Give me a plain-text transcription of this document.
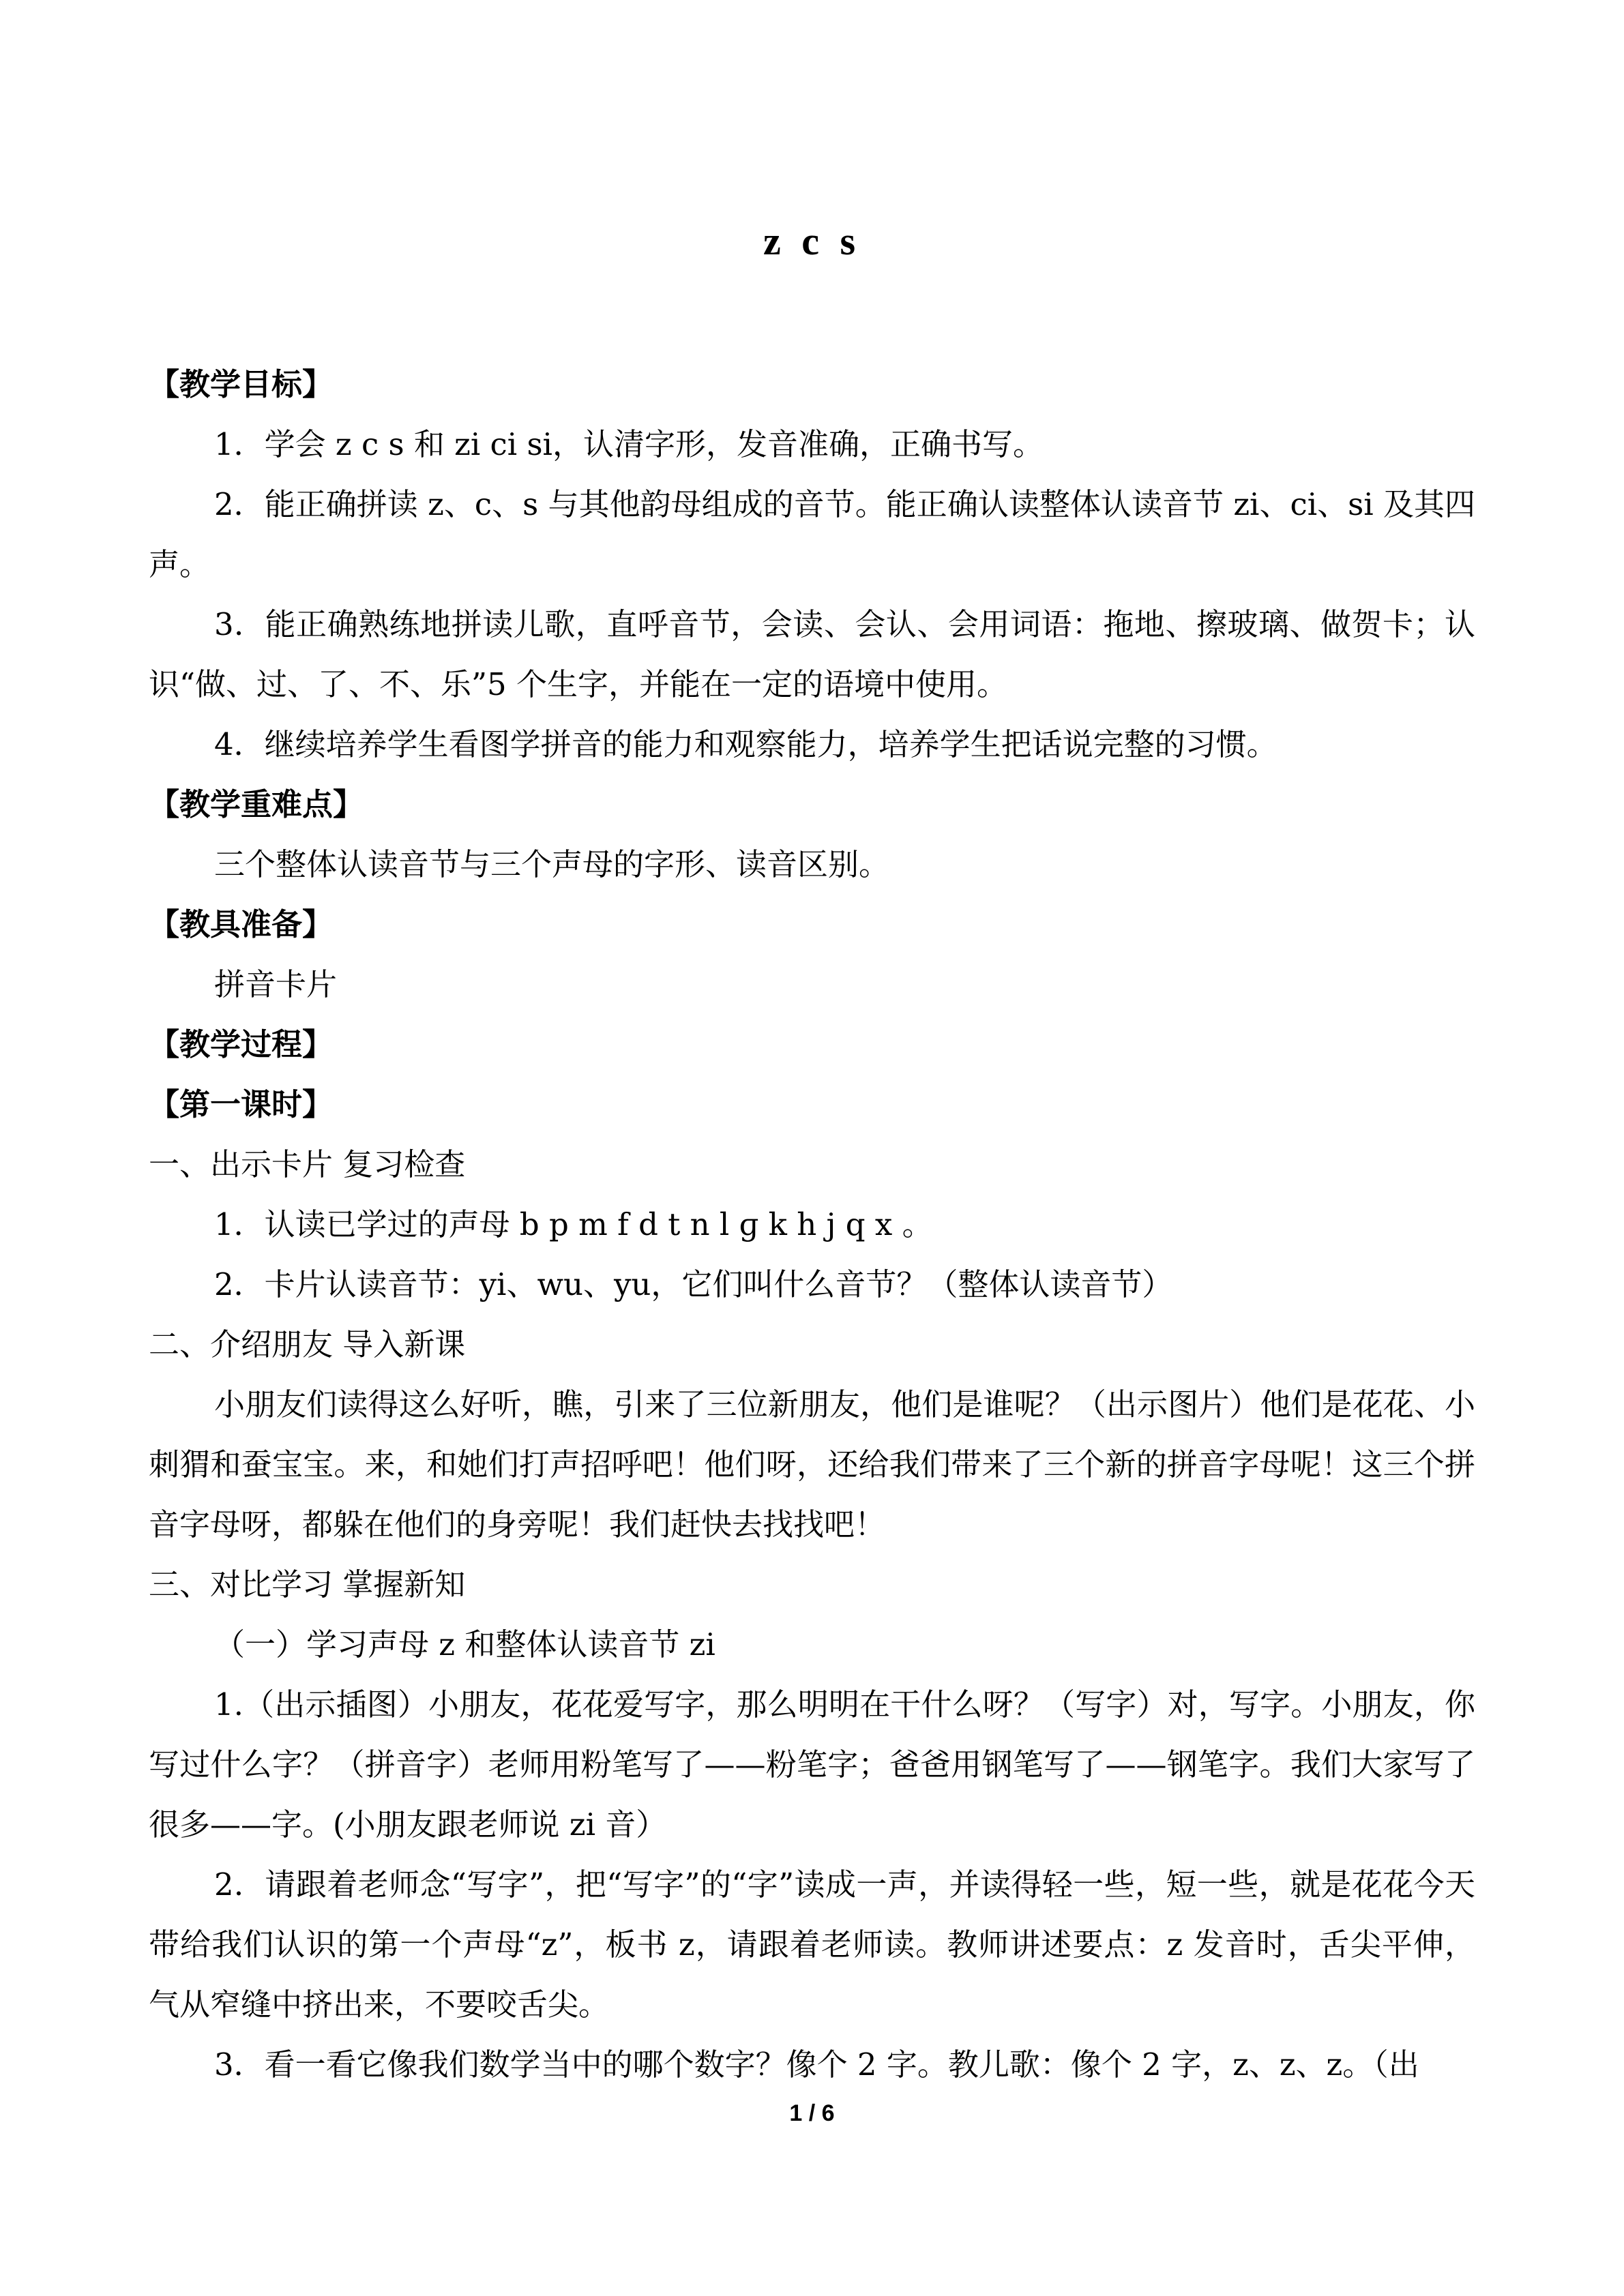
z c s

【教学目标】

1．学会 z c s 和 zi ci si，认清字形，发音准确，正确书写。

2．能正确拼读 z、c、s 与其他韵母组成的音节。能正确认读整体认读音节 zi、ci、si 及其四声。

3．能正确熟练地拼读儿歌，直呼音节，会读、会认、会用词语：拖地、擦玻璃、做贺卡；认识“做、过、了、不、乐”5 个生字，并能在一定的语境中使用。

4．继续培养学生看图学拼音的能力和观察能力，培养学生把话说完整的习惯。

【教学重难点】

三个整体认读音节与三个声母的字形、读音区别。

【教具准备】

拼音卡片

【教学过程】

【第一课时】

一、出示卡片 复习检查

1．认读已学过的声母 b p m f d t n l ɡ k h j q x 。

2．卡片认读音节：yi、wu、yu，它们叫什么音节？（整体认读音节）

二、介绍朋友 导入新课

小朋友们读得这么好听，瞧，引来了三位新朋友，他们是谁呢？（出示图片）他们是花花、小刺猬和蚕宝宝。来，和她们打声招呼吧！他们呀，还给我们带来了三个新的拼音字母呢！这三个拼音字母呀，都躲在他们的身旁呢！我们赶快去找找吧！

三、对比学习 掌握新知

（一）学习声母 z 和整体认读音节 zi

1.（出示插图）小朋友，花花爱写字，那么明明在干什么呀？（写字）对，写字。小朋友，你写过什么字？（拼音字）老师用粉笔写了——粉笔字；爸爸用钢笔写了——钢笔字。我们大家写了很多——字。(小朋友跟老师说 zi 音）

2．请跟着老师念“写字”，把“写字”的“字”读成一声，并读得轻一些，短一些，就是花花今天带给我们认识的第一个声母“z”，板书 z，请跟着老师读。教师讲述要点：z 发音时，舌尖平伸，气从窄缝中挤出来，不要咬舌尖。

3．看一看它像我们数学当中的哪个数字？像个 2 字。教儿歌：像个 2 字，z、z、z。（出

1 / 6
